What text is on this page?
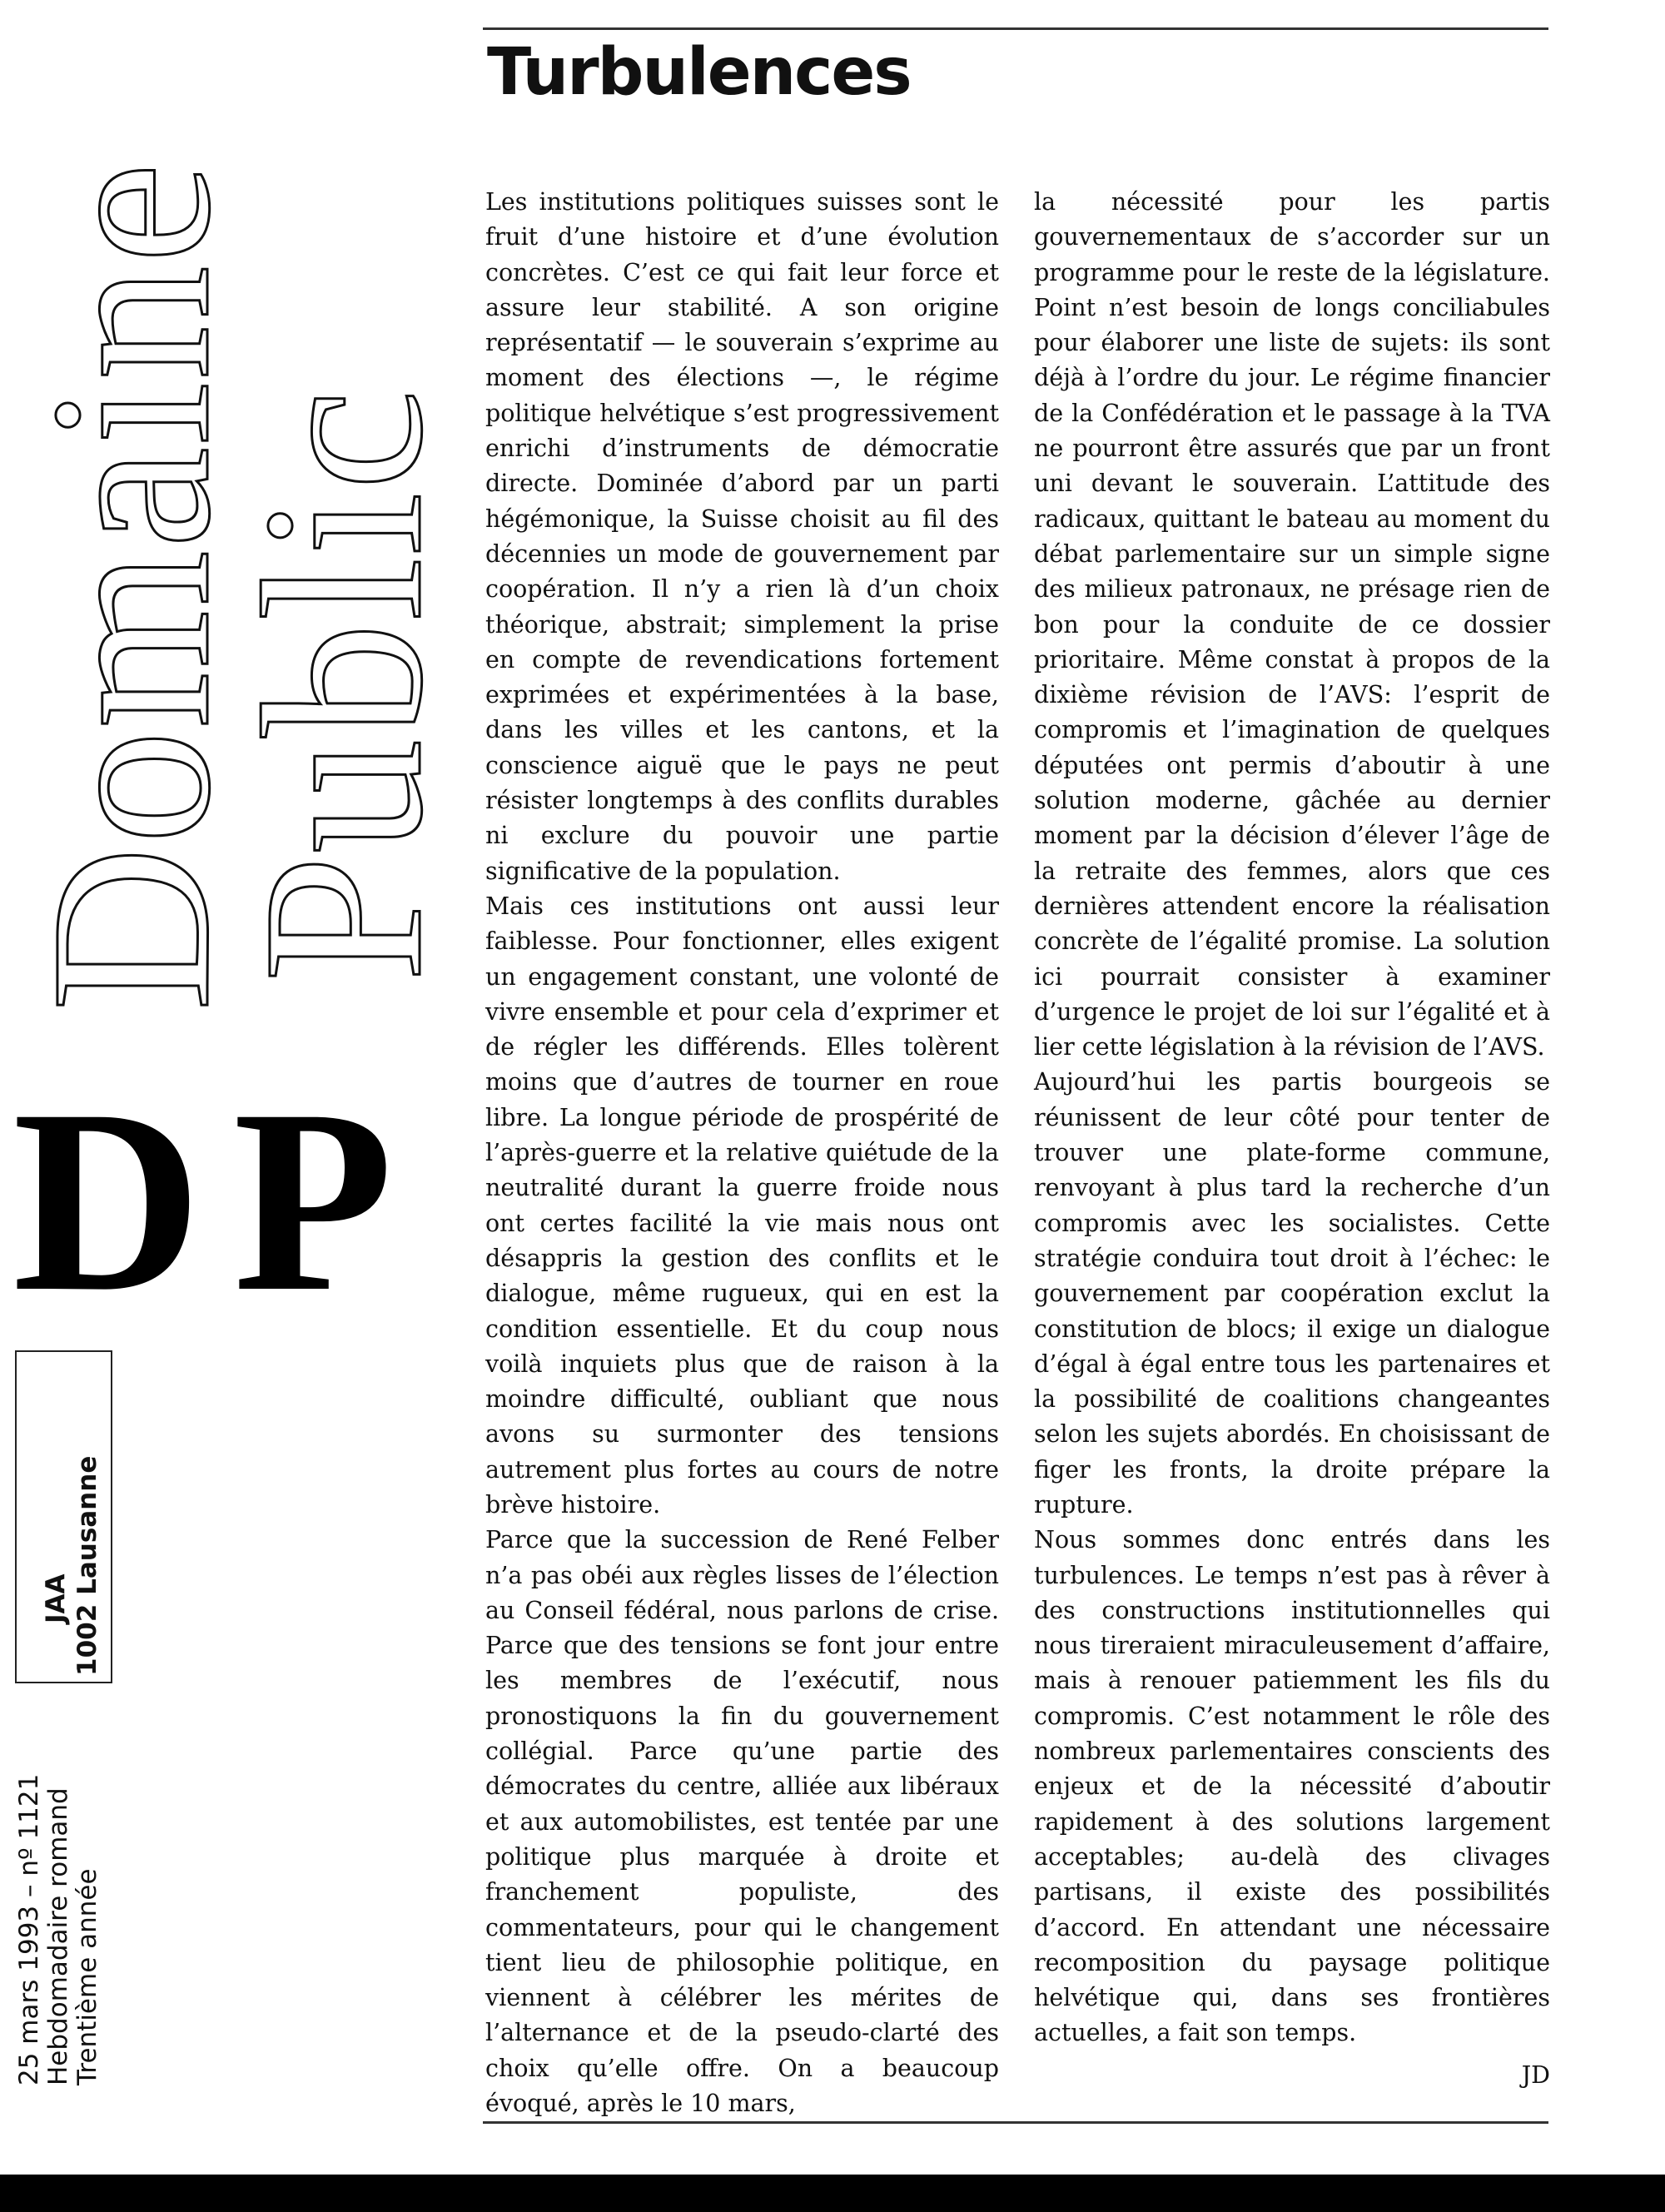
Domaine
Public
D P
JAA 1002 Lausanne
25 mars 1993 – nº 1121 Hebdomadaire romand Trentième année
Turbulences

Les institutions politiques suisses sont le fruit d’une histoire et d’une évolution concrètes. C’est ce qui fait leur force et assure leur stabilité. A son origine représentatif — le souverain s’exprime au moment des élections —, le régime politique helvétique s’est progressivement enrichi d’instruments de démocratie directe. Dominée d’abord par un parti hégémonique, la Suisse choisit au fil des décennies un mode de gouvernement par coopération. Il n’y a rien là d’un choix théorique, abstrait; simplement la prise en compte de revendications fortement exprimées et expérimentées à la base, dans les villes et les cantons, et la conscience aiguë que le pays ne peut résister longtemps à des conflits durables ni exclure du pouvoir une partie significative de la population.

Mais ces institutions ont aussi leur faiblesse. Pour fonctionner, elles exigent un engagement constant, une volonté de vivre ensemble et pour cela d’exprimer et de régler les différends. Elles tolèrent moins que d’autres de tourner en roue libre. La longue période de prospérité de l’après-guerre et la relative quiétude de la neutralité durant la guerre froide nous ont certes facilité la vie mais nous ont désappris la gestion des conflits et le dialogue, même rugueux, qui en est la condition essentielle. Et du coup nous voilà inquiets plus que de raison à la moindre difficulté, oubliant que nous avons su surmonter des tensions autrement plus fortes au cours de notre brève histoire.

Parce que la succession de René Felber n’a pas obéi aux règles lisses de l’élection au Conseil fédéral, nous parlons de crise. Parce que des tensions se font jour entre les membres de l’exécutif, nous pronostiquons la fin du gouvernement collégial. Parce qu’une partie des démocrates du centre, alliée aux libéraux et aux automobilistes, est tentée par une politique plus marquée à droite et franchement populiste, des commentateurs, pour qui le changement tient lieu de philosophie politique, en viennent à célébrer les mérites de l’alternance et de la pseudo-clarté des choix qu’elle offre. On a beaucoup évoqué, après le 10 mars,

la nécessité pour les partis gouvernementaux de s’accorder sur un programme pour le reste de la législature. Point n’est besoin de longs conciliabules pour élaborer une liste de sujets: ils sont déjà à l’ordre du jour. Le régime financier de la Confédération et le passage à la TVA ne pourront être assurés que par un front uni devant le souverain. L’attitude des radicaux, quittant le bateau au moment du débat parlementaire sur un simple signe des milieux patronaux, ne présage rien de bon pour la conduite de ce dossier prioritaire. Même constat à propos de la dixième révision de l’AVS: l’esprit de compromis et l’imagination de quelques députées ont permis d’aboutir à une solution moderne, gâchée au dernier moment par la décision d’élever l’âge de la retraite des femmes, alors que ces dernières attendent encore la réalisation concrète de l’égalité promise. La solution ici pourrait consister à examiner d’urgence le projet de loi sur l’égalité et à lier cette législation à la révision de l’AVS.

Aujourd’hui les partis bourgeois se réunissent de leur côté pour tenter de trouver une plate-forme commune, renvoyant à plus tard la recherche d’un compromis avec les socialistes. Cette stratégie conduira tout droit à l’échec: le gouvernement par coopération exclut la constitution de blocs; il exige un dialogue d’égal à égal entre tous les partenaires et la possibilité de coalitions changeantes selon les sujets abordés. En choisissant de figer les fronts, la droite prépare la rupture.

Nous sommes donc entrés dans les turbulences. Le temps n’est pas à rêver à des constructions institutionnelles qui nous tireraient miraculeusement d’affaire, mais à renouer patiemment les fils du compromis. C’est notamment le rôle des nombreux parlementaires conscients des enjeux et de la nécessité d’aboutir rapidement à des solutions largement acceptables; au-delà des clivages partisans, il existe des possibilités d’accord. En attendant une nécessaire recomposition du paysage politique helvétique qui, dans ses frontières actuelles, a fait son temps.

JD
